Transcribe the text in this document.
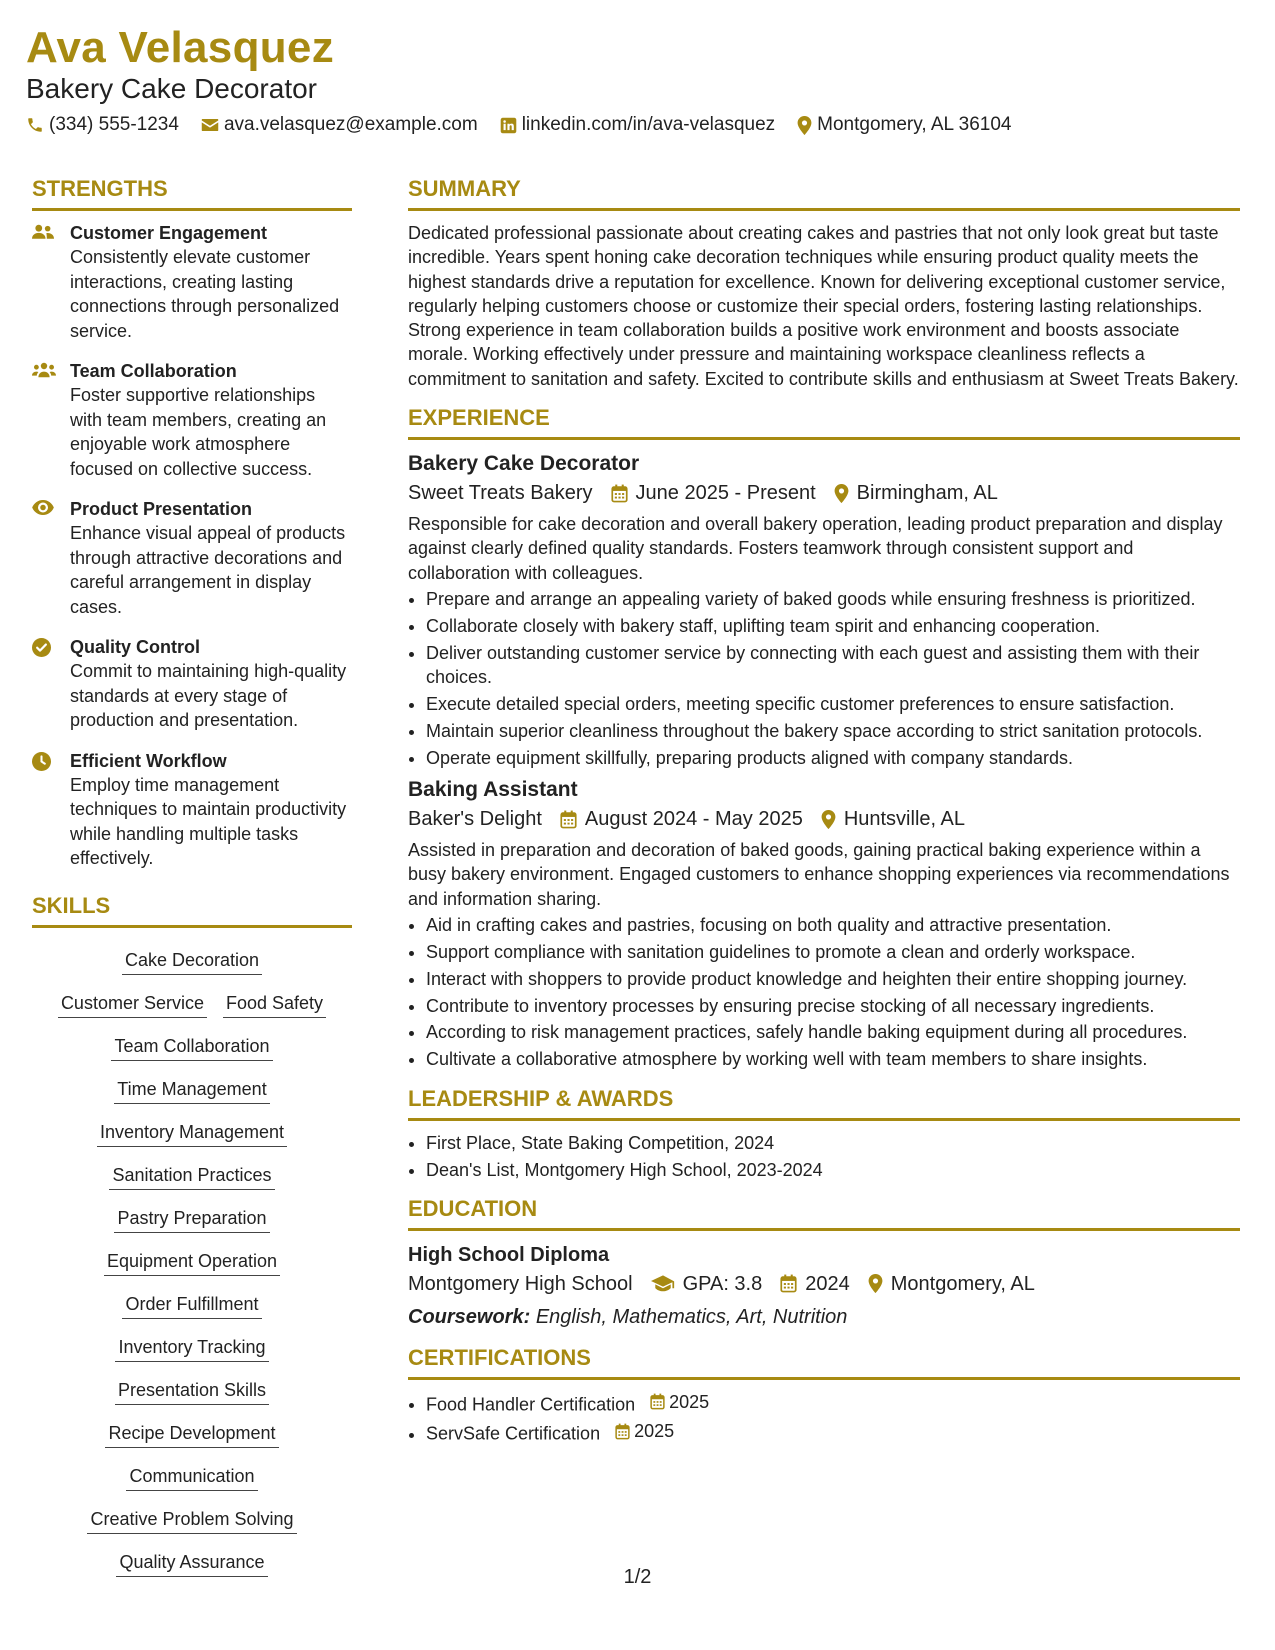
Ava Velasquez
Bakery Cake Decorator
(334) 555-1234 ava.velasquez@example.com linkedin.com/in/ava-velasquez Montgomery, AL 36104
STRENGTHS
Customer Engagement
Consistently elevate customer interactions, creating lasting connections through personalized service.
Team Collaboration
Foster supportive relationships with team members, creating an enjoyable work atmosphere focused on collective success.
Product Presentation
Enhance visual appeal of products through attractive decorations and careful arrangement in display cases.
Quality Control
Commit to maintaining high-quality standards at every stage of production and presentation.
Efficient Workflow
Employ time management techniques to maintain productivity while handling multiple tasks effectively.
SKILLS
Cake Decoration
Customer Service Food Safety
Team Collaboration
Time Management
Inventory Management
Sanitation Practices
Pastry Preparation
Equipment Operation
Order Fulfillment
Inventory Tracking
Presentation Skills
Recipe Development
Communication
Creative Problem Solving
Quality Assurance
SUMMARY

Dedicated professional passionate about creating cakes and pastries that not only look great but taste incredible. Years spent honing cake decoration techniques while ensuring product quality meets the highest standards drive a reputation for excellence. Known for delivering exceptional customer service, regularly helping customers choose or customize their special orders, fostering lasting relationships. Strong experience in team collaboration builds a positive work environment and boosts associate morale. Working effectively under pressure and maintaining workspace cleanliness reflects a commitment to sanitation and safety. Excited to contribute skills and enthusiasm at Sweet Treats Bakery.

EXPERIENCE
Bakery Cake Decorator
Sweet Treats Bakery June 2025 - Present Birmingham, AL

Responsible for cake decoration and overall bakery operation, leading product preparation and display against clearly defined quality standards. Fosters teamwork through consistent support and collaboration with colleagues.

• Prepare and arrange an appealing variety of baked goods while ensuring freshness is prioritized.
• Collaborate closely with bakery staff, uplifting team spirit and enhancing cooperation.
• Deliver outstanding customer service by connecting with each guest and assisting them with their choices.
• Execute detailed special orders, meeting specific customer preferences to ensure satisfaction.
• Maintain superior cleanliness throughout the bakery space according to strict sanitation protocols.
• Operate equipment skillfully, preparing products aligned with company standards.
Baking Assistant
Baker's Delight August 2024 - May 2025 Huntsville, AL

Assisted in preparation and decoration of baked goods, gaining practical baking experience within a busy bakery environment. Engaged customers to enhance shopping experiences via recommendations and information sharing.

• Aid in crafting cakes and pastries, focusing on both quality and attractive presentation.
• Support compliance with sanitation guidelines to promote a clean and orderly workspace.
• Interact with shoppers to provide product knowledge and heighten their entire shopping journey.
• Contribute to inventory processes by ensuring precise stocking of all necessary ingredients.
• According to risk management practices, safely handle baking equipment during all procedures.
• Cultivate a collaborative atmosphere by working well with team members to share insights.
LEADERSHIP & AWARDS
• First Place, State Baking Competition, 2024
• Dean's List, Montgomery High School, 2023-2024
EDUCATION
High School Diploma
Montgomery High School	GPA: 3.8 2024 Montgomery, AL
Coursework: English, Mathematics, Art, Nutrition
CERTIFICATIONS
• Food Handler Certification 2025
• ServSafe Certification 2025
1/2
